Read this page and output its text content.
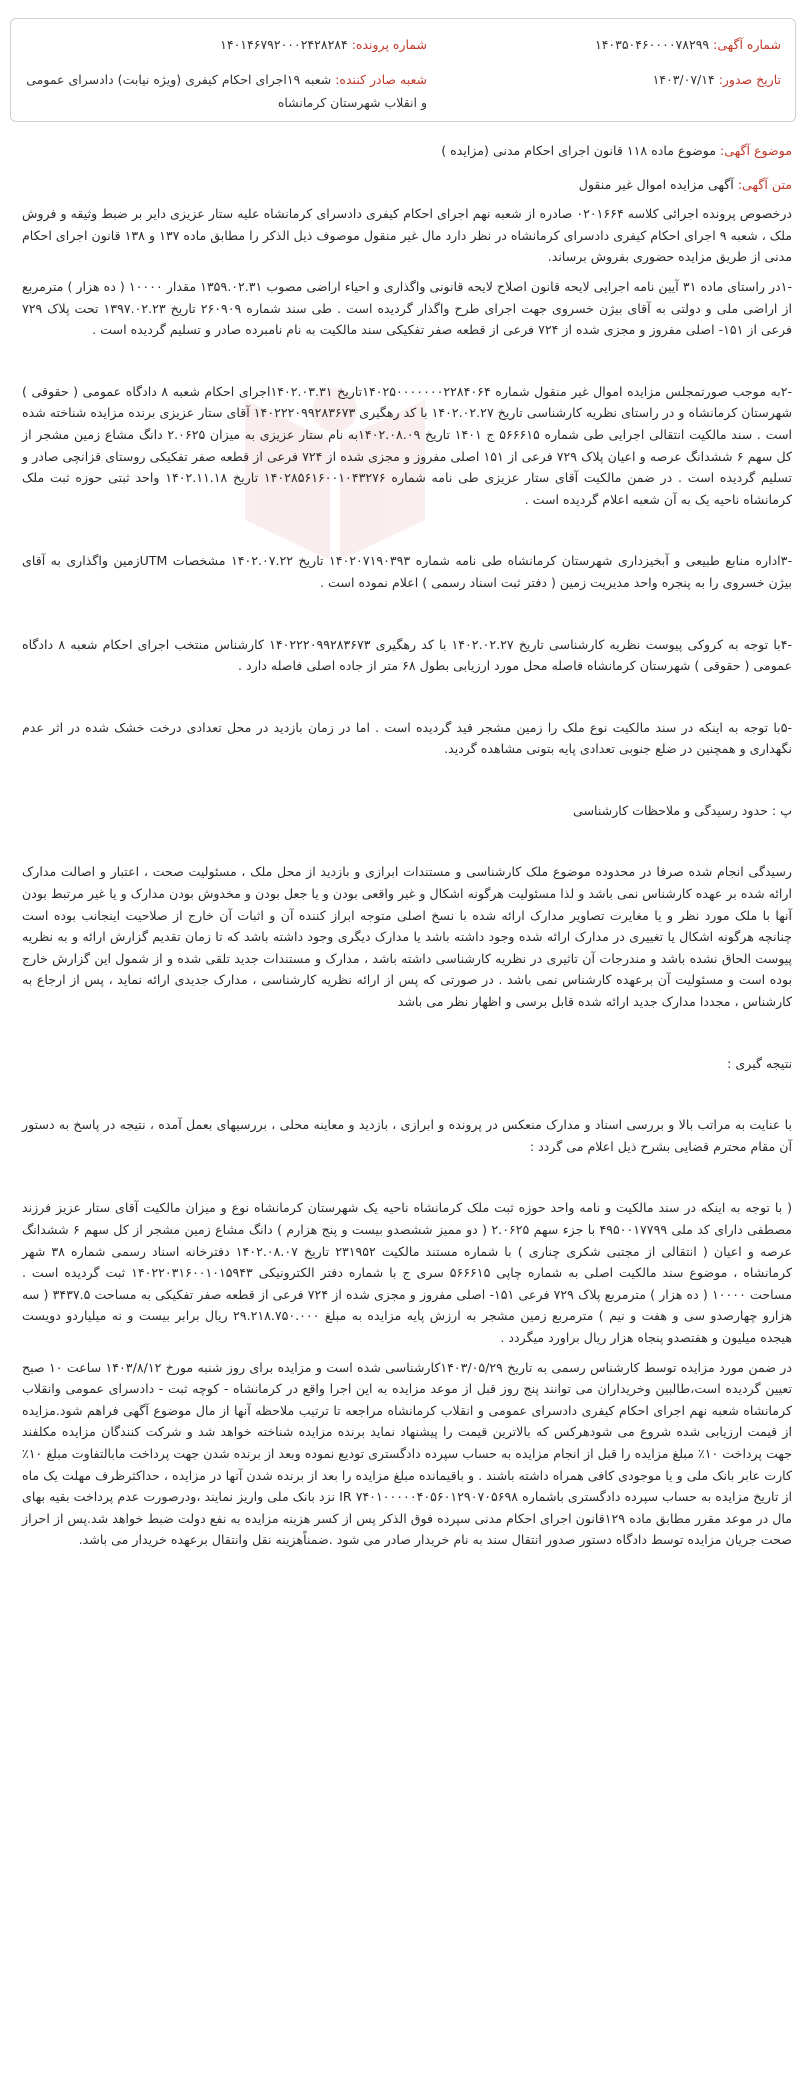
شماره آگهی: ۱۴۰۳۵۰۴۶۰۰۰۰۷۸۲۹۹
تاریخ صدور: ۱۴۰۳/۰۷/۱۴
شماره پرونده: ۱۴۰۱۴۶۷۹۲۰۰۰۲۴۲۸۲۸۴
شعبه صادر کننده: شعبه ۱۹اجرای احکام کیفری (ویژه نیابت) دادسرای عمومی و انقلاب شهرستان کرمانشاه

موضوع آگهی: موضوع ماده ۱۱۸ قانون اجرای احکام مدنی (مزایده )

متن آگهی: آگهی مزایده اموال غیر منقول

درخصوص پرونده اجرائی کلاسه ۰۲۰۱۶۶۴ صادره از شعبه نهم اجرای احکام کیفری دادسرای کرمانشاه علیه ستار عزیزی دایر بر ضبط وثیقه و فروش ملک ، شعبه ۹ اجرای احکام کیفری دادسرای کرمانشاه در نظر دارد مال غیر منقول موصوف ذیل الذکر را مطابق ماده ۱۳۷ و ۱۳۸ قانون اجرای احکام مدنی از طریق مزایده حضوری بفروش برساند.

-۱در راستای ماده ۳۱ آیین نامه اجرایی لایحه قانون اصلاح لایحه قانونی واگذاری و احیاء اراضی مصوب ۱۳۵۹.۰۲.۳۱ مقدار ۱۰۰۰۰ ( ده هزار ) مترمربع از اراضی ملی و دولتی به آقای بیژن خسروی جهت اجرای طرح واگذار گردیده است . طی سند شماره ۲۶۰۹۰۹ تاریخ ۱۳۹۷.۰۲.۲۳ تحت پلاک ۷۲۹ فرعی از ۱۵۱- اصلی مفروز و مجزی شده از ۷۲۴ فرعی از قطعه صفر تفکیکی سند مالکیت به نام نامبرده صادر و تسلیم گردیده است .

-۲به موجب صورتمجلس مزایده اموال غیر منقول شماره ۱۴۰۲۵۰۰۰۰۰۰۰۲۲۸۴۰۶۴تاریخ ۱۴۰۲.۰۳.۳۱اجرای احکام شعبه ۸ دادگاه عمومی ( حقوقی ) شهرستان کرمانشاه و در راستای نظریه کارشناسی تاریخ ۱۴۰۲.۰۲.۲۷ با کد رهگیری ۱۴۰۲۲۲۰۹۹۲۸۳۶۷۳ آقای ستار عزیزی برنده مزایده شناخته شده است . سند مالکیت انتقالی اجرایی طی شماره ۵۶۶۶۱۵ ج ۱۴۰۱ تاریخ ۱۴۰۲.۰۸.۰۹به نام ستار عزیزی به میزان ۲.۰۶۲۵ دانگ مشاع زمین مشجر از کل سهم ۶ ششدانگ عرصه و اعیان پلاک ۷۲۹ فرعی از ۱۵۱ اصلی مفروز و مجزی شده از ۷۲۴ فرعی از قطعه صفر تفکیکی روستای قزانچی صادر و تسلیم گردیده است . در ضمن مالکیت آقای ستار عزیزی طی نامه شماره ۱۴۰۲۸۵۶۱۶۰۰۱۰۴۳۲۷۶ تاریخ ۱۴۰۲.۱۱.۱۸ واحد ثبتی حوزه ثبت ملک کرمانشاه ناحیه یک به آن شعبه اعلام گردیده است .

-۳اداره منابع طبیعی و آبخیزداری شهرستان کرمانشاه طی نامه شماره ۱۴۰۲۰۷۱۹۰۳۹۳ تاریخ ۱۴۰۲.۰۷.۲۲ مشخصات UTMزمین واگذاری به آقای بیژن خسروی را به پنجره واحد مدیریت زمین ( دفتر ثبت اسناد رسمی ) اعلام نموده است .

-۴با توجه به کروکی پیوست نظریه کارشناسی تاریخ ۱۴۰۲.۰۲.۲۷ با کد رهگیری ۱۴۰۲۲۲۰۹۹۲۸۳۶۷۳ کارشناس منتخب اجرای احکام شعبه ۸ دادگاه عمومی ( حقوقی ) شهرستان کرمانشاه فاصله محل مورد ارزیابی بطول ۶۸ متر از جاده اصلی فاصله دارد .

-۵با توجه به اینکه در سند مالکیت نوع ملک را زمین مشجر قید گردیده است . اما در زمان بازدید در محل تعدادی درخت خشک شده در اثر عدم نگهداری و همچنین در ضلع جنوبی تعدادی پایه بتونی مشاهده گردید.

پ : حدود رسیدگی و ملاحظات کارشناسی

رسیدگی انجام شده صرفا در محدوده موضوع ملک کارشناسی و مستندات ابرازی و بازدید از محل ملک ، مسئولیت صحت ، اعتبار و اصالت مدارک ارائه شده بر عهده کارشناس نمی باشد و لذا مسئولیت هرگونه اشکال و غیر واقعی بودن و یا جعل بودن و مخدوش بودن مدارک و یا غیر مرتبط بودن آنها با ملک مورد نظر و یا مغایرت تصاویر مدارک ارائه شده با نسخ اصلی متوجه ابراز کننده آن و اثبات آن خارج از صلاحیت اینجانب بوده است چنانچه هرگونه اشکال یا تغییری در مدارک ارائه شده وجود داشته باشد یا مدارک دیگری وجود داشته باشد که تا زمان تقدیم گزارش ارائه و به نظریه پیوست الحاق نشده باشد و مندرجات آن تاثیری در نظریه کارشناسی داشته باشد ، مدارک و مستندات جدید تلقی شده و از شمول این گزارش خارج بوده است و مسئولیت آن برعهده کارشناس نمی باشد . در صورتی که پس از ارائه نظریه کارشناسی ، مدارک جدیدی ارائه نماید ، پس از ارجاع به کارشناس ، مجددا مدارک جدید ارائه شده قابل برسی و اظهار نظر می باشد

نتیجه گیری :

با عنایت به مراتب بالا و بررسی اسناد و مدارک منعکس در پرونده و ابرازی ، بازدید و معاینه محلی ، بررسیهای بعمل آمده ، نتیجه در پاسخ به دستور آن مقام محترم قضایی بشرح ذیل اعلام می گردد :

( با توجه به اینکه در سند مالکیت و نامه واحد حوزه ثبت ملک کرمانشاه ناحیه یک شهرستان کرمانشاه نوع و میزان مالکیت آقای ستار عزیز فرزند مصطفی دارای کد ملی ۴۹۵۰۰۱۷۷۹۹ با جزء سهم ۲.۰۶۲۵ ( دو ممیز ششصدو بیست و پنج هزارم ) دانگ مشاع زمین مشجر از کل سهم ۶ ششدانگ عرصه و اعیان ( انتقالی از مجتبی شکری چناری ) با شماره مستند مالکیت ۲۳۱۹۵۲ تاریخ ۱۴۰۲.۰۸.۰۷ دفترخانه اسناد رسمی شماره ۳۸ شهر کرمانشاه ، موضوع سند مالکیت اصلی به شماره چاپی ۵۶۶۶۱۵ سری ج با شماره دفتر الکترونیکی ۱۴۰۲۲۰۳۱۶۰۰۱۰۱۵۹۴۳ ثبت گردیده است . مساحت ۱۰۰۰۰ ( ده هزار ) مترمربع پلاک ۷۲۹ فرعی ۱۵۱- اصلی مفروز و مجزی شده از ۷۲۴ فرعی از قطعه صفر تفکیکی به مساحت ۳۴۳۷.۵ ( سه هزارو چهارصدو سی و هفت و نیم ) مترمربع زمین مشجر به ارزش پایه مزایده به مبلغ ۲۹.۲۱۸.۷۵۰.۰۰۰ ریال برابر بیست و نه میلیاردو دویست هیجده میلیون و هفتصدو پنجاه هزار ریال براورد میگردد .

در ضمن مورد مزایده توسط کارشناس رسمی به تاریخ ۱۴۰۳/۰۵/۲۹کارشناسی شده است و مزایده برای روز شنبه مورخ ۱۴۰۳/۸/۱۲ ساعت ۱۰ صبح تعیین گردیده است،طالبین وخریداران می توانند پنج روز قبل از موعد مزایده به این اجرا واقع در کرمانشاه - کوچه ثبت - دادسرای عمومی وانقلاب کرمانشاه شعبه نهم اجرای احکام کیفری دادسرای عمومی و انقلاب کرمانشاه مراجعه تا ترتیب ملاحظه آنها از مال موضوع آگهی فراهم شود.مزایده از قیمت ارزیابی شده شروع می شودهرکس که بالاترین قیمت را پیشنهاد نماید برنده مزایده شناخته خواهد شد و شرکت کنندگان مزایده مکلفند جهت پرداخت ۱۰٪ مبلغ مزایده را قبل از انجام مزایده به حساب سپرده دادگستری تودیع نموده وبعد از برنده شدن جهت پرداخت مابالتفاوت مبلغ ۱۰٪ کارت عابر بانک ملی و یا موجودی کافی همراه داشته باشند . و باقیمانده مبلغ مزایده را بعد از برنده شدن آنها در مزایده ، حداکثرظرف مهلت یک ماه از تاریخ مزایده به حساب سپرده دادگستری باشماره IR ۷۴۰۱۰۰۰۰۰۴۰۵۶۰۱۲۹۰۷۰۵۶۹۸ نزد بانک ملی واریز نمایند ،ودرصورت عدم پرداخت بقیه بهای مال در موعد مقرر مطابق ماده ۱۲۹قانون اجرای احکام مدنی سپرده فوق الذکر پس از کسر هزینه مزایده به نفع دولت ضبط خواهد شد.پس از احراز صحت جریان مزایده توسط دادگاه دستور صدور انتقال سند به نام خریدار صادر می شود .ضمناًهزینه نقل وانتقال برعهده خریدار می باشد.
